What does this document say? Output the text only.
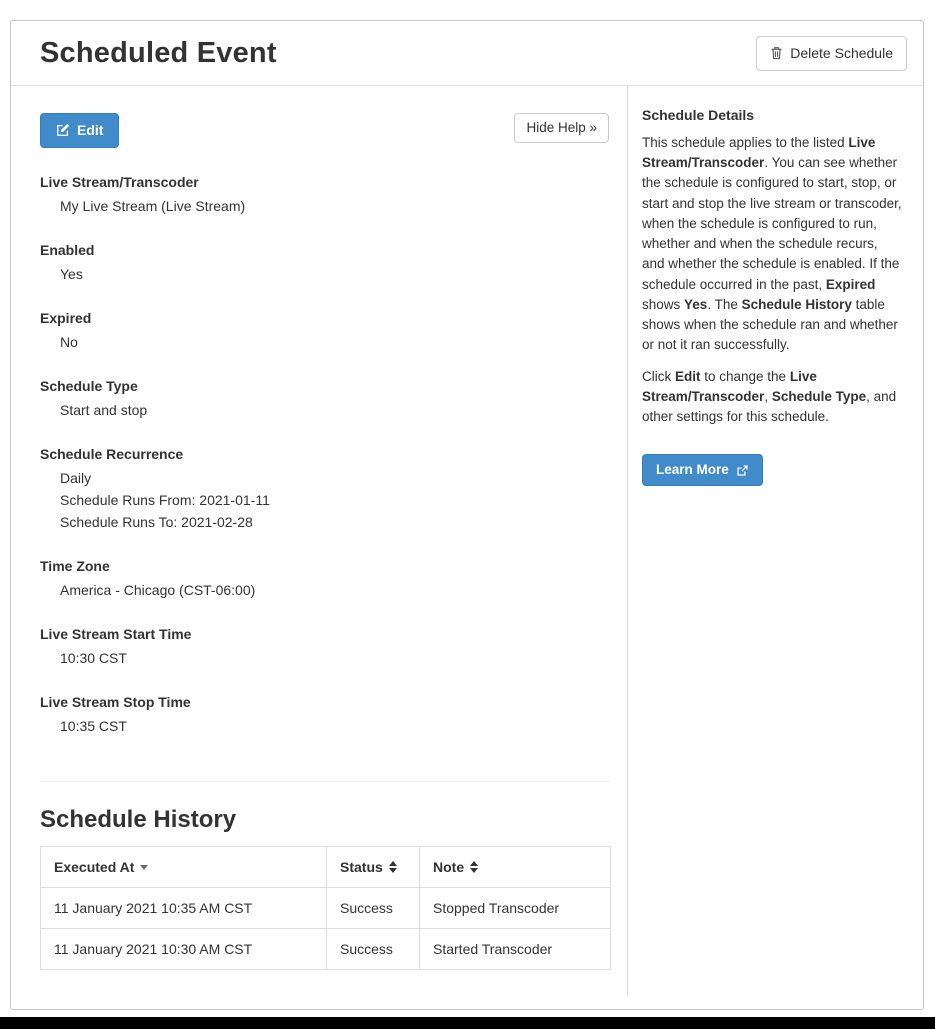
Scheduled Event	Delete Schedule
Edit	Hide Help »
Live Stream/Transcoder
My Live Stream (Live Stream)
Enabled
Yes
Expired
No
Schedule Type
Start and stop
Schedule Recurrence
Daily
Schedule Runs From: 2021-01-11
Schedule Runs To: 2021-02-28
Time Zone
America - Chicago (CST-06:00)
Live Stream Start Time
10:30 CST
Live Stream Stop Time
10:35 CST
Schedule History
Executed At	Status	Note

11 January 2021 10:35 AM CST	Success	Stopped Transcoder
11 January 2021 10:30 AM CST	Success	Started Transcoder
Schedule Details

This schedule applies to the listed Live Stream/Transcoder. You can see whether the schedule is configured to start, stop, or start and stop the live stream or transcoder, when the schedule is configured to run, whether and when the schedule recurs, and whether the schedule is enabled. If the schedule occurred in the past, Expired shows Yes. The Schedule History table shows when the schedule ran and whether or not it ran successfully.

Click Edit to change the Live Stream/Transcoder, Schedule Type, and other settings for this schedule.

Learn More
